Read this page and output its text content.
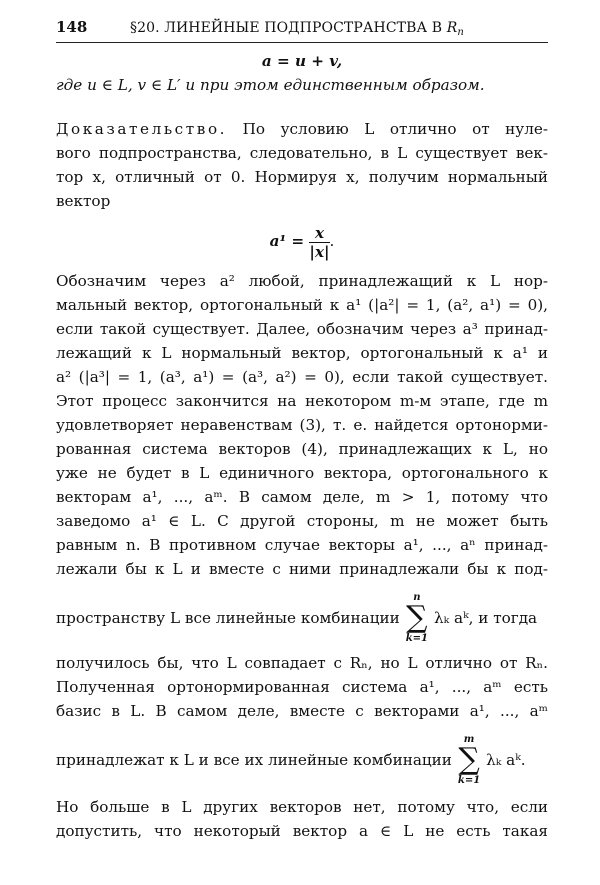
148	§20. ЛИНЕЙНЫЕ ПОДПРОСТРАНСТВА В $R_n$
a = u + v,
где u ∈ L, v ∈ L′ и при этом единственным образом.
Доказательство. По условию L отлично от нуле-
вого подпространства, следовательно, в L существует век-
тор x, отличный от 0. Нормируя x, получим нормальный
вектор
$a^1 = \frac{x}{|x|}$ .
Обозначим через a² любой, принадлежащий к L нор-
мальный вектор, ортогональный к a¹ (|a²| = 1, (a², a¹) = 0),
если такой существует. Далее, обозначим через a³ принад-
лежащий к L нормальный вектор, ортогональный к a¹ и
a² (|a³| = 1, (a³, a¹) = (a³, a²) = 0), если такой существует.
Этот процесс закончится на некотором m-м этапе, где m
удовлетворяет неравенствам (3), т. е. найдется ортонорми-
рованная система векторов (4), принадлежащих к L, но
уже не будет в L единичного вектора, ортогонального к
векторам a¹, ..., aᵐ. В самом деле, m > 1, потому что
заведомо a¹ ∈ L. С другой стороны, m не может быть
равным n. В противном случае векторы a¹, ..., aⁿ принад-
лежали бы к L и вместе с ними принадлежали бы к под-
пространству L все линейные комбинации
n
∑
k=1
λₖ aᵏ, и тогда
получилось бы, что L совпадает с Rₙ, но L отлично от Rₙ.
Полученная ортонормированная система a¹, ..., aᵐ есть
базис в L. В самом деле, вместе с векторами a¹, ..., aᵐ
принадлежат к L и все их линейные комбинации
m
∑
k=1
λₖ aᵏ.
Но больше в L других векторов нет, потому что, если
допустить, что некоторый вектор a ∈ L не есть такая
